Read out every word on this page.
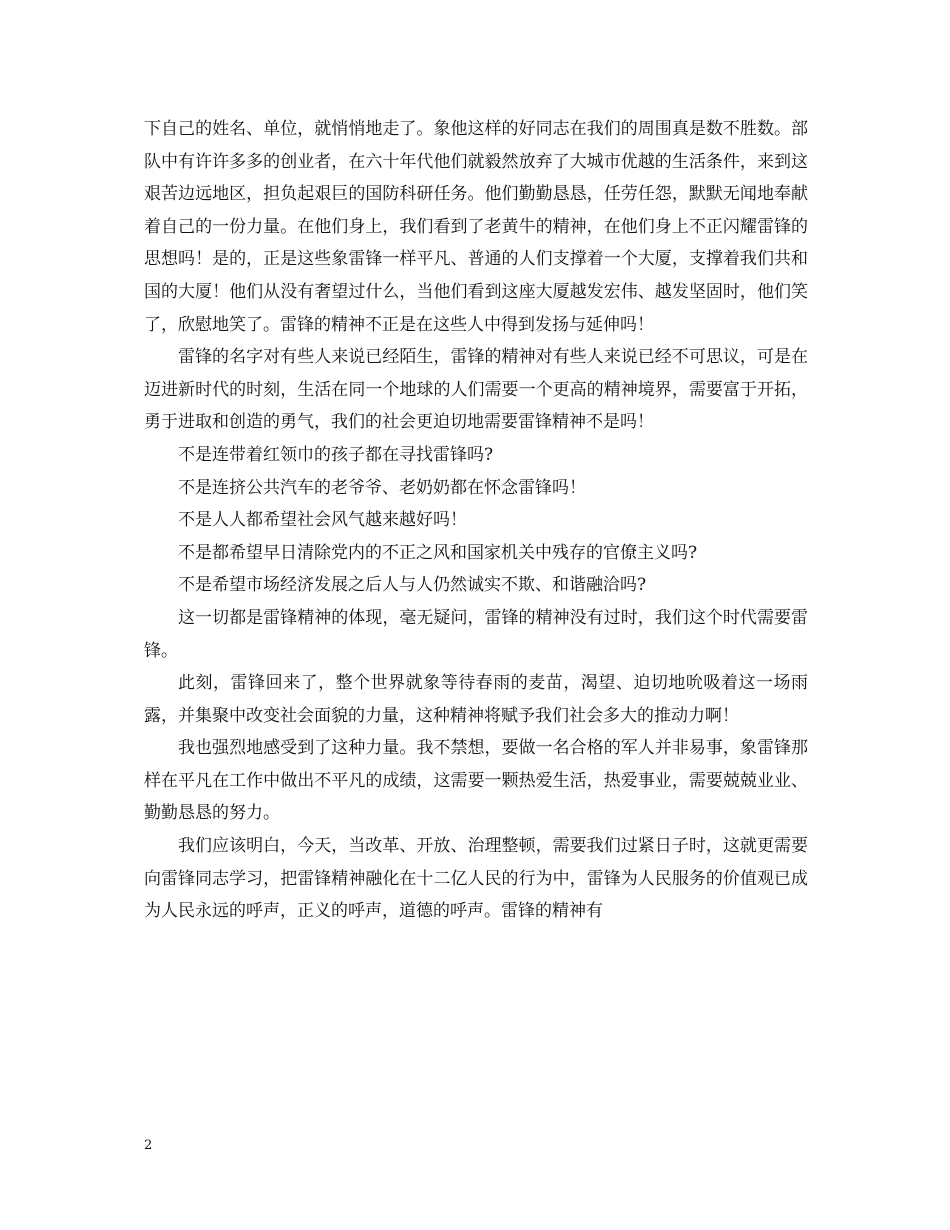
下自己的姓名、单位，就悄悄地走了。象他这样的好同志在我们的周围真是数不胜数。部队中有许许多多的创业者，在六十年代他们就毅然放弃了大城市优越的生活条件，来到这艰苦边远地区，担负起艰巨的国防科研任务。他们勤勤恳恳，任劳任怨，默默无闻地奉献着自己的一份力量。在他们身上，我们看到了老黄牛的精神，在他们身上不正闪耀雷锋的思想吗！是的，正是这些象雷锋一样平凡、普通的人们支撑着一个大厦，支撑着我们共和国的大厦！他们从没有奢望过什么，当他们看到这座大厦越发宏伟、越发坚固时，他们笑了，欣慰地笑了。雷锋的精神不正是在这些人中得到发扬与延伸吗！

雷锋的名字对有些人来说已经陌生，雷锋的精神对有些人来说已经不可思议，可是在迈进新时代的时刻，生活在同一个地球的人们需要一个更高的精神境界，需要富于开拓，勇于进取和创造的勇气，我们的社会更迫切地需要雷锋精神不是吗！

不是连带着红领巾的孩子都在寻找雷锋吗?

不是连挤公共汽车的老爷爷、老奶奶都在怀念雷锋吗！

不是人人都希望社会风气越来越好吗！

不是都希望早日清除党内的不正之风和国家机关中残存的官僚主义吗?

不是希望市场经济发展之后人与人仍然诚实不欺、和谐融洽吗?

这一切都是雷锋精神的体现，毫无疑问，雷锋的精神没有过时，我们这个时代需要雷锋。

此刻，雷锋回来了，整个世界就象等待春雨的麦苗，渴望、迫切地吮吸着这一场雨露，并集聚中改变社会面貌的力量，这种精神将赋予我们社会多大的推动力啊！

我也强烈地感受到了这种力量。我不禁想，要做一名合格的军人并非易事，象雷锋那样在平凡在工作中做出不平凡的成绩，这需要一颗热爱生活，热爱事业，需要兢兢业业、勤勤恳恳的努力。

我们应该明白，今天，当改革、开放、治理整顿，需要我们过紧日子时，这就更需要向雷锋同志学习，把雷锋精神融化在十二亿人民的行为中，雷锋为人民服务的价值观已成为人民永远的呼声，正义的呼声，道德的呼声。雷锋的精神有

2
